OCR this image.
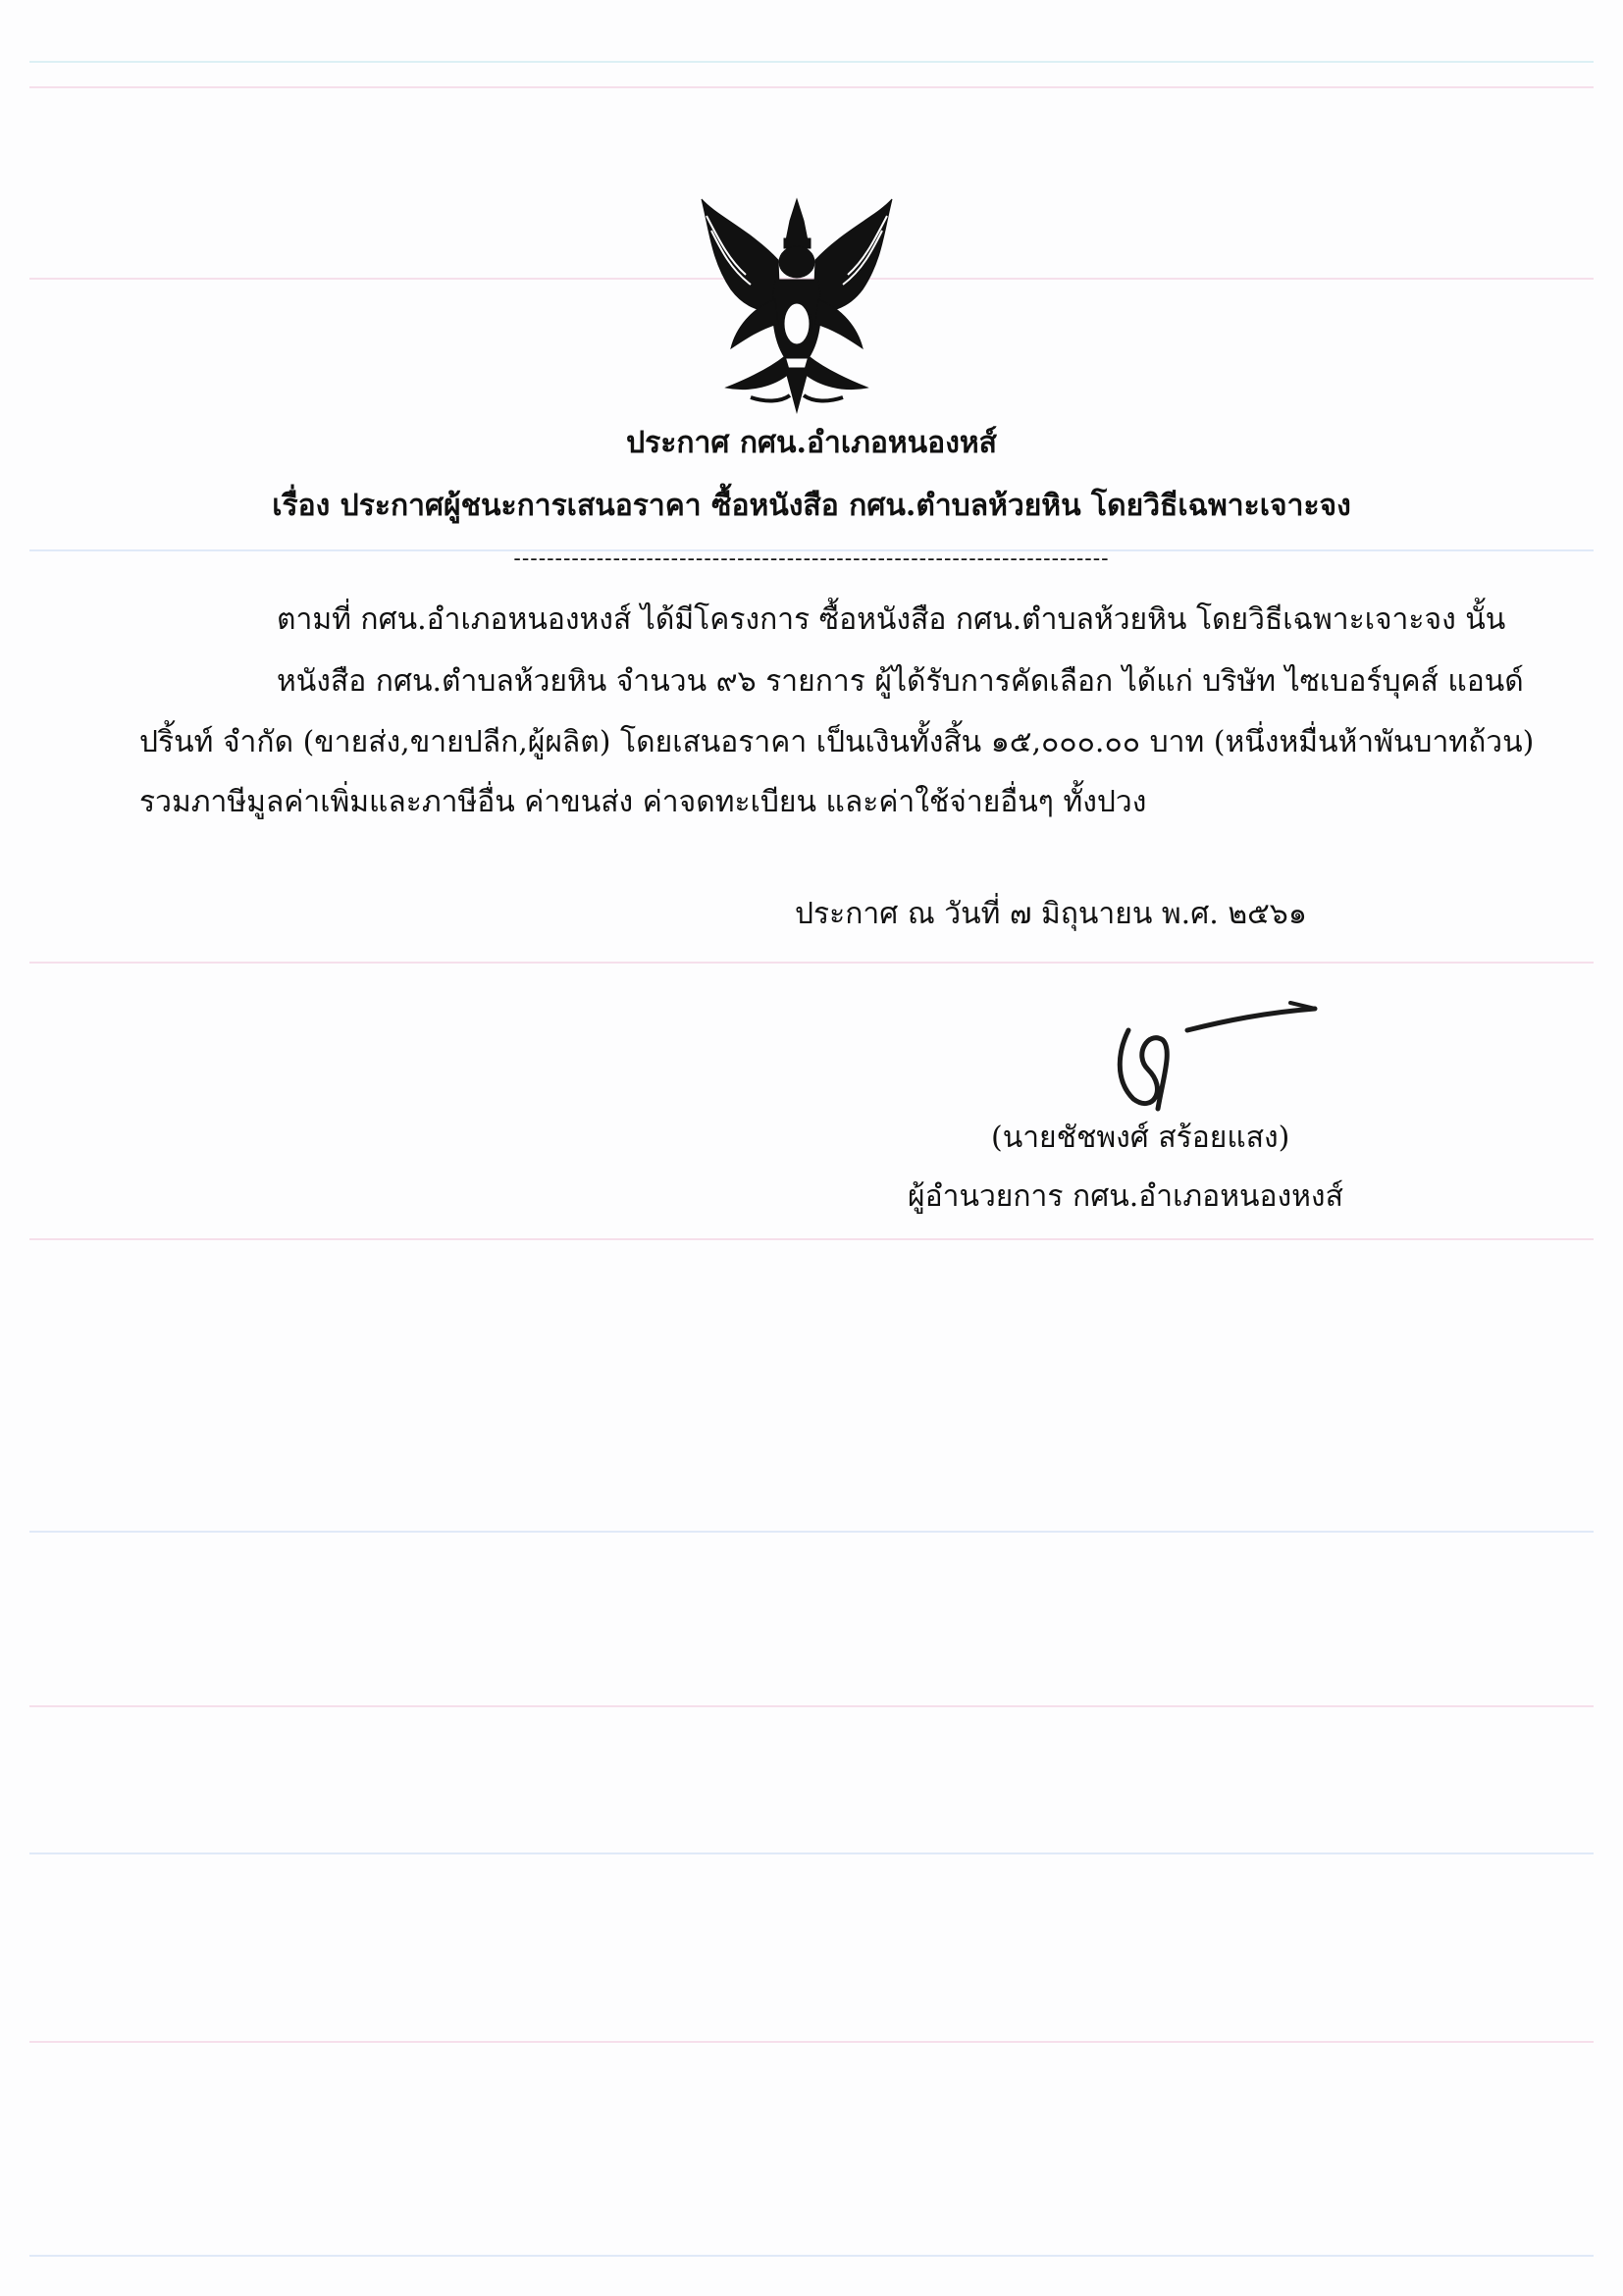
ประกาศ กศน.อำเภอหนองหส์
เรื่อง ประกาศผู้ชนะการเสนอราคา ซื้อหนังสือ กศน.ตำบลห้วยหิน โดยวิธีเฉพาะเจาะจง
------------------------------------------------------------------------
ตามที่ กศน.อำเภอหนองหงส์ ได้มีโครงการ ซื้อหนังสือ กศน.ตำบลห้วยหิน โดยวิธีเฉพาะเจาะจง นั้น
หนังสือ กศน.ตำบลห้วยหิน จำนวน ๙๖ รายการ ผู้ได้รับการคัดเลือก ได้แก่ บริษัท ไซเบอร์บุคส์ แอนด์
ปริ้นท์ จำกัด (ขายส่ง,ขายปลีก,ผู้ผลิต) โดยเสนอราคา เป็นเงินทั้งสิ้น ๑๕,๐๐๐.๐๐ บาท (หนึ่งหมื่นห้าพันบาทถ้วน)
รวมภาษีมูลค่าเพิ่มและภาษีอื่น ค่าขนส่ง ค่าจดทะเบียน และค่าใช้จ่ายอื่นๆ ทั้งปวง
ประกาศ ณ วันที่ ๗ มิถุนายน พ.ศ. ๒๕๖๑
(นายชัชพงศ์ สร้อยแสง)
ผู้อำนวยการ กศน.อำเภอหนองหงส์
